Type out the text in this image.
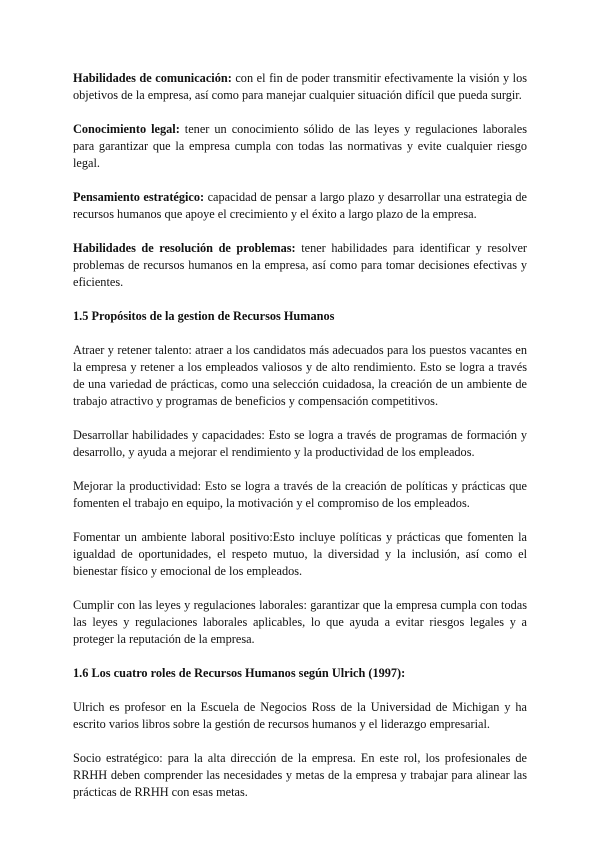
Habilidades de comunicación: con el fin de poder transmitir efectivamente la visión y los objetivos de la empresa, así como para manejar cualquier situación difícil que pueda surgir.

Conocimiento legal: tener un conocimiento sólido de las leyes y regulaciones laborales para garantizar que la empresa cumpla con todas las normativas y evite cualquier riesgo legal.

Pensamiento estratégico: capacidad de pensar a largo plazo y desarrollar una estrategia de recursos humanos que apoye el crecimiento y el éxito a largo plazo de la empresa.

Habilidades de resolución de problemas: tener habilidades para identificar y resolver problemas de recursos humanos en la empresa, así como para tomar decisiones efectivas y eficientes.

1.5 Propósitos de la gestion de Recursos Humanos

Atraer y retener talento: atraer a los candidatos más adecuados para los puestos vacantes en la empresa y retener a los empleados valiosos y de alto rendimiento. Esto se logra a través de una variedad de prácticas, como una selección cuidadosa, la creación de un ambiente de trabajo atractivo y programas de beneficios y compensación competitivos.

Desarrollar habilidades y capacidades: Esto se logra a través de programas de formación y desarrollo, y ayuda a mejorar el rendimiento y la productividad de los empleados.

Mejorar la productividad: Esto se logra a través de la creación de políticas y prácticas que fomenten el trabajo en equipo, la motivación y el compromiso de los empleados.

Fomentar un ambiente laboral positivo:Esto incluye políticas y prácticas que fomenten la igualdad de oportunidades, el respeto mutuo, la diversidad y la inclusión, así como el bienestar físico y emocional de los empleados.

Cumplir con las leyes y regulaciones laborales: garantizar que la empresa cumpla con todas las leyes y regulaciones laborales aplicables, lo que ayuda a evitar riesgos legales y a proteger la reputación de la empresa.

1.6 Los cuatro roles de Recursos Humanos según Ulrich (1997):

Ulrich es profesor en la Escuela de Negocios Ross de la Universidad de Michigan y ha escrito varios libros sobre la gestión de recursos humanos y el liderazgo empresarial.

Socio estratégico: para la alta dirección de la empresa. En este rol, los profesionales de RRHH deben comprender las necesidades y metas de la empresa y trabajar para alinear las prácticas de RRHH con esas metas.
